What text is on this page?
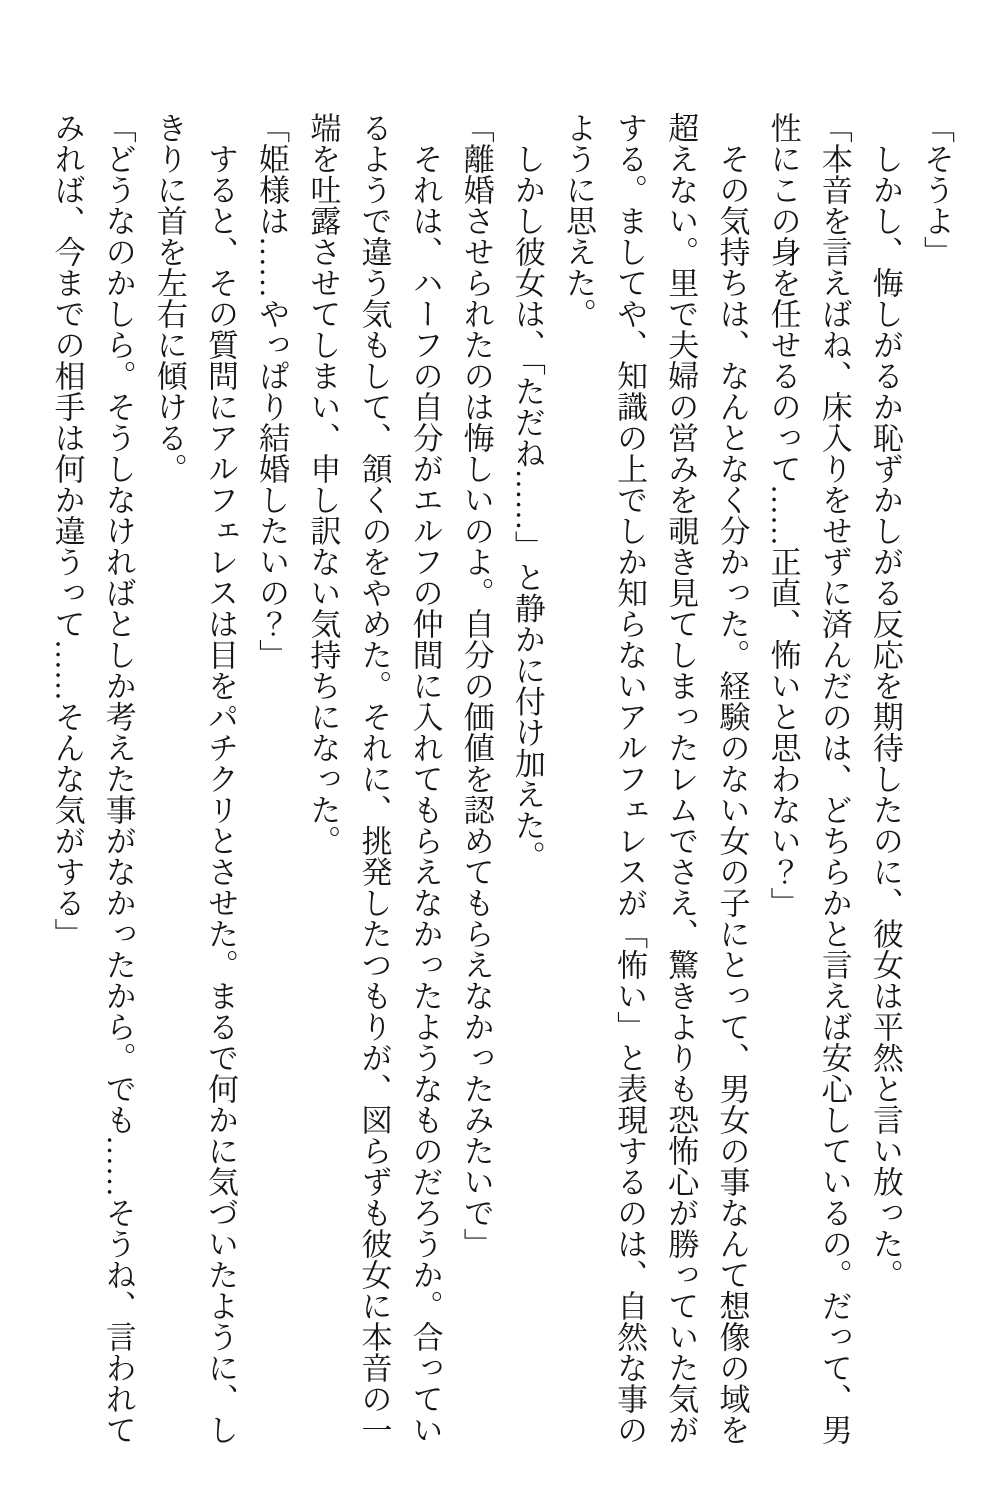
「そうよ」

しかし、悔しがるか恥ずかしがる反応を期待したのに、彼女は平然と言い放った。

「本音を言えばね、床入りをせずに済んだのは、どちらかと言えば安心しているの。だって、男性にこの身を任せるのって……正直、怖いと思わない？」

その気持ちは、なんとなく分かった。経験のない女の子にとって、男女の事なんて想像の域を超えない。里で夫婦の営みを覗き見てしまったレムでさえ、驚きよりも恐怖心が勝っていた気がする。ましてや、知識の上でしか知らないアルフェレスが「怖い」と表現するのは、自然な事のように思えた。

しかし彼女は、「ただね……」と静かに付け加えた。

「離婚させられたのは悔しいのよ。自分の価値を認めてもらえなかったみたいで」

それは、ハーフの自分がエルフの仲間に入れてもらえなかったようなものだろうか。合っているようで違う気もして、頷くのをやめた。それに、挑発したつもりが、図らずも彼女に本音の一端を吐露させてしまい、申し訳ない気持ちになった。

「姫様は……やっぱり結婚したいの？」

すると、その質問にアルフェレスは目をパチクリとさせた。まるで何かに気づいたように、しきりに首を左右に傾ける。

「どうなのかしら。そうしなければとしか考えた事がなかったから。でも……そうね、言われてみれば、今までの相手は何か違うって……そんな気がする」
